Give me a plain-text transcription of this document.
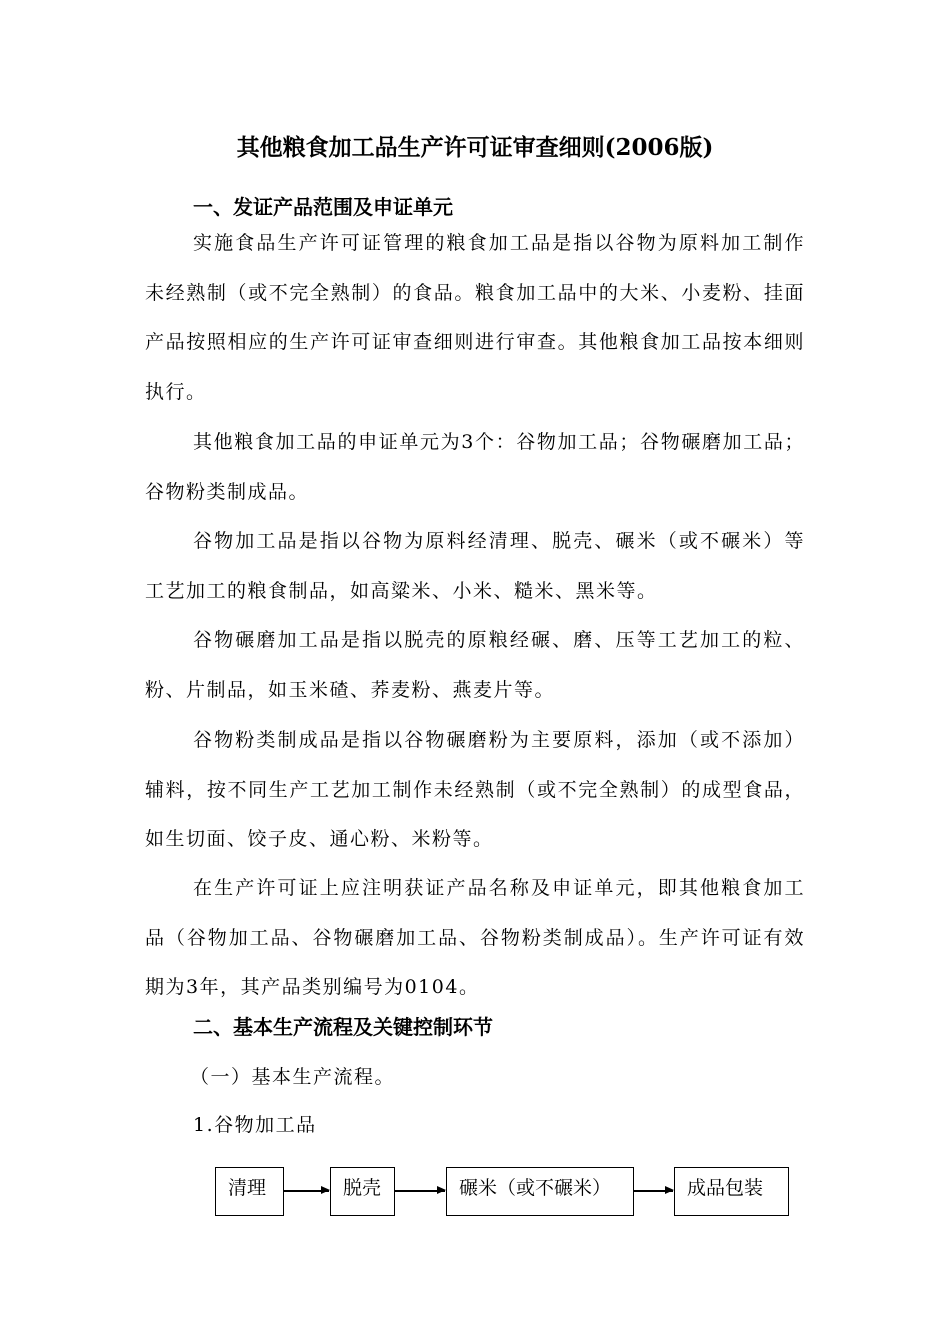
其他粮食加工品生产许可证审查细则(2006版)
一、发证产品范围及申证单元
实施食品生产许可证管理的粮食加工品是指以谷物为原料加工制作未经熟制（或不完全熟制）的食品。粮食加工品中的大米、小麦粉、挂面产品按照相应的生产许可证审查细则进行审查。其他粮食加工品按本细则执行。
其他粮食加工品的申证单元为3个：谷物加工品；谷物碾磨加工品；谷物粉类制成品。
谷物加工品是指以谷物为原料经清理、脱壳、碾米（或不碾米）等工艺加工的粮食制品，如高粱米、小米、糙米、黑米等。
谷物碾磨加工品是指以脱壳的原粮经碾、磨、压等工艺加工的粒、粉、片制品，如玉米碴、荞麦粉、燕麦片等。
谷物粉类制成品是指以谷物碾磨粉为主要原料，添加（或不添加）辅料，按不同生产工艺加工制作未经熟制（或不完全熟制）的成型食品，如生切面、饺子皮、通心粉、米粉等。
在生产许可证上应注明获证产品名称及申证单元，即其他粮食加工品（谷物加工品、谷物碾磨加工品、谷物粉类制成品）。生产许可证有效期为3年，其产品类别编号为0104。
二、基本生产流程及关键控制环节
（一）基本生产流程。
1.谷物加工品
清理	脱壳	碾米（或不碾米）	成品包装
